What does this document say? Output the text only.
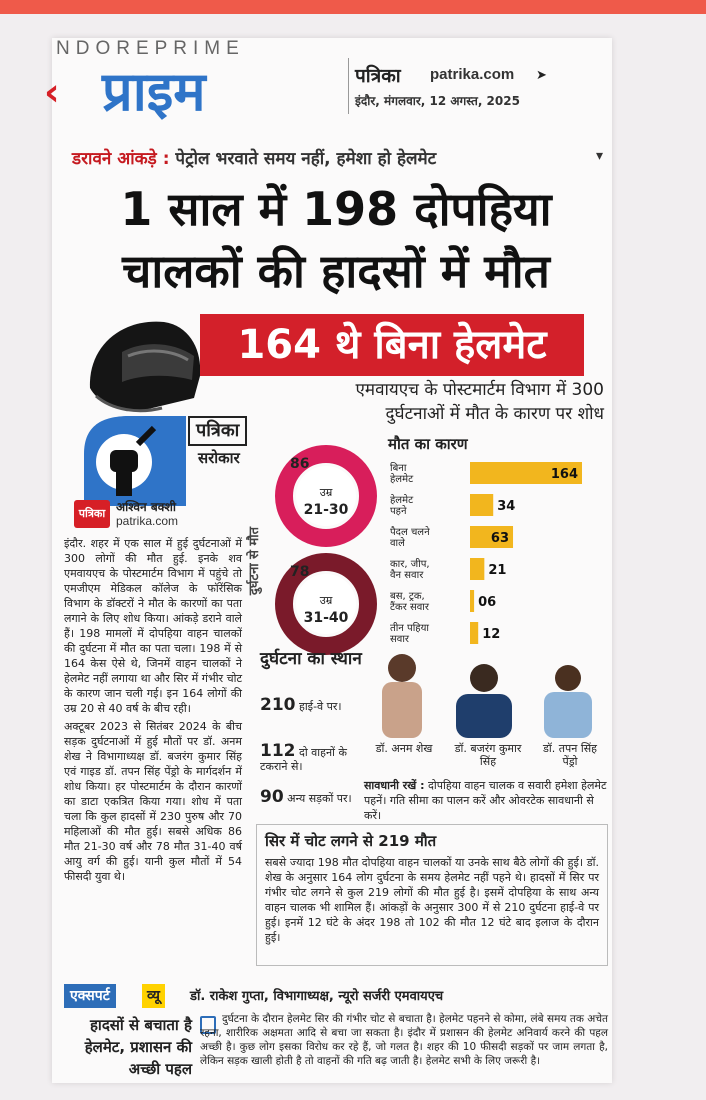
NDOREPRIME
‹ प्राइम	पत्रिका patrika.com ➤
इंदौर, मंगलवार, 12 अगस्त, 2025
डरावने आंकड़े : पेट्रोल भरवाते समय नहीं, हमेशा हो हेलमेट	▾
1 साल में 198 दोपहिया
चालकों की हादसों में मौत
164 थे बिना हेलमेट
एमवायएच के पोस्टमार्टम विभाग में 300
दुर्घटनाओं में मौत के कारण पर शोध
पत्रिका
सरोकार
पत्रिका अश्विन बक्शी
patrika.com

इंदौर. शहर में एक साल में हुई दुर्घटनाओं में 300 लोगों की मौत हुई. इनके शव एमवायएच के पोस्टमार्टम विभाग में पहुंचे तो एमजीएम मेडिकल कॉलेज के फॉरेंसिक विभाग के डॉक्टरों ने मौत के कारणों का पता लगाने के लिए शोध किया। आंकड़े डराने वाले हैं। 198 मामलों में दोपहिया वाहन चालकों की दुर्घटना में मौत का पता चला। 198 में से 164 केस ऐसे थे, जिनमें वाहन चालकों ने हेलमेट नहीं लगाया था और सिर में गंभीर चोट के कारण जान चली गई। इन 164 लोगों की उम्र 20 से 40 वर्ष के बीच रही।

अक्टूबर 2023 से सितंबर 2024 के बीच सड़क दुर्घटनाओं में हुई मौतों पर डॉ. अनम शेख ने विभागाध्यक्ष डॉ. बजरंग कुमार सिंह एवं गाइड डॉ. तपन सिंह पेंड्रो के मार्गदर्शन में शोध किया। हर पोस्टमार्टम के दौरान कारणों का डाटा एकत्रित किया गया। शोध में पता चला कि कुल हादसों में 230 पुरुष और 70 महिलाओं की मौत हुई। सबसे अधिक 86 मौत 21-30 वर्ष और 78 मौत 31-40 वर्ष आयु वर्ग की हुई। यानी कुल मौतों में 54 फीसदी युवा थे।

दुर्घटना से मौत
86
उम्र
21-30
78
उम्र
31-40
मौत का कारण
बिना हेलमेट	164
हेलमेट पहने	34
पैदल चलने वाले	63
कार, जीप, वैन सवार	21
बस, ट्रक, टैंकर सवार	06
तीन पहिया सवार	12
दुर्घटना का स्थान
210 हाई-वे पर।
112 दो वाहनों के टकराने से।
90 अन्य सड़कों पर।
डॉ. अनम शेख	डॉ. बजरंग कुमार सिंह
डॉ. तपन सिंह पेंड्रो
सावधानी रखें : दोपहिया वाहन चालक व सवारी हमेशा हेलमेट पहनें। गति सीमा का पालन करें और ओवरटेक सावधानी से करें।
सिर में चोट लगने से 219 मौत
सबसे ज्यादा 198 मौत दोपहिया वाहन चालकों या उनके साथ बैठे लोगों की हुई। डॉ. शेख के अनुसार 164 लोग दुर्घटना के समय हेलमेट नहीं पहने थे। हादसों में सिर पर गंभीर चोट लगने से कुल 219 लोगों की मौत हुई है। इसमें दोपहिया के साथ अन्य वाहन चालक भी शामिल हैं। आंकड़ों के अनुसार 300 में से 210 दुर्घटना हाई-वे पर हुई। इनमें 12 घंटे के अंदर 198 तो 102 की मौत 12 घंटे बाद इलाज के दौरान हुई।
एक्सपर्ट	व्यू	डॉ. राकेश गुप्ता, विभागाध्यक्ष, न्यूरो सर्जरी एमवायएच
हादसों से बचाता है हेलमेट, प्रशासन की अच्छी पहल
दुर्घटना के दौरान हेलमेट सिर की गंभीर चोट से बचाता है। हेलमेट पहनने से कोमा, लंबे समय तक अचेत रहना, शारीरिक अक्षमता आदि से बचा जा सकता है। इंदौर में प्रशासन की हेलमेट अनिवार्य करने की पहल अच्छी है। कुछ लोग इसका विरोध कर रहे हैं, जो गलत है। शहर की 10 फीसदी सड़कों पर जाम लगता है, लेकिन सड़क खाली होती है तो वाहनों की गति बढ़ जाती है। हेलमेट सभी के लिए जरूरी है।
